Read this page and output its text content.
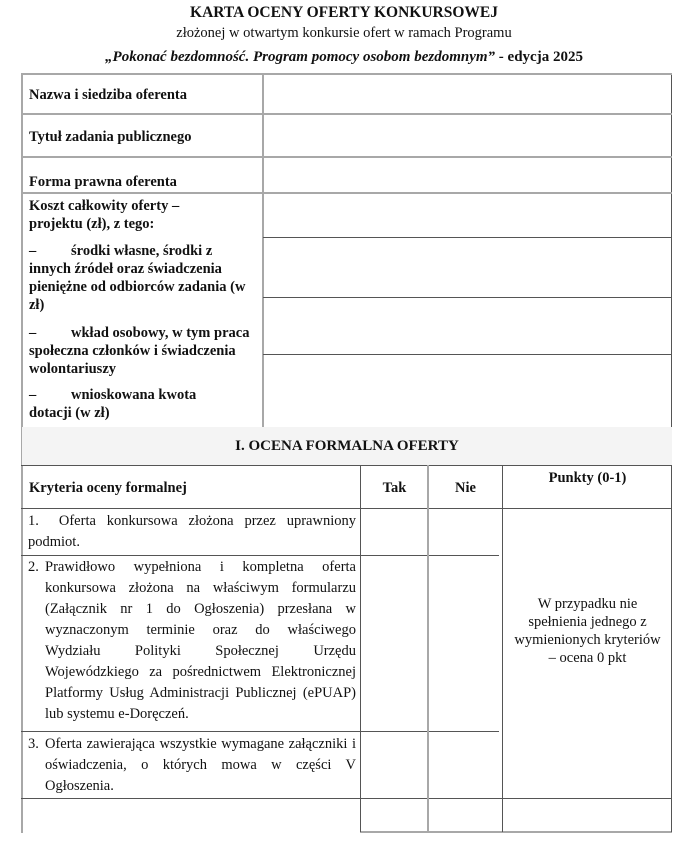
KARTA OCENY OFERTY KONKURSOWEJ
złożonej w otwartym konkursie ofert w ramach Programu
„Pokonać bezdomność. Program pomocy osobom bezdomnym” - edycja 2025
Nazwa i siedziba oferenta
Tytuł zadania publicznego
Forma prawna oferenta
Koszt całkowity oferty – projektu (zł), z tego:
– środki własne, środki z innych źródeł oraz świadczenia pieniężne od odbiorców zadania (w zł)
– wkład osobowy, w tym praca społeczna członków i świadczenia wolontariuszy
– wnioskowana kwota dotacji (w zł)
I. OCENA FORMALNA OFERTY
Kryteria oceny formalnej	Tak	Nie
Punkty (0-1)
1. Oferta konkursowa złożona przez uprawniony podmiot.
2. Prawidłowo wypełniona i kompletna oferta konkursowa złożona na właściwym formularzu (Załącznik nr 1 do Ogłoszenia) przesłana w wyznaczonym terminie oraz do właściwego Wydziału Polityki Społecznej Urzędu Wojewódzkiego za pośrednictwem Elektronicznej Platformy Usług Administracji Publicznej (ePUAP) lub systemu e-Doręczeń.
3. Oferta zawierająca wszystkie wymagane załączniki i oświadczenia, o których mowa w części V Ogłoszenia.
W przypadku nie spełnienia jednego z wymienionych kryteriów – ocena 0 pkt
